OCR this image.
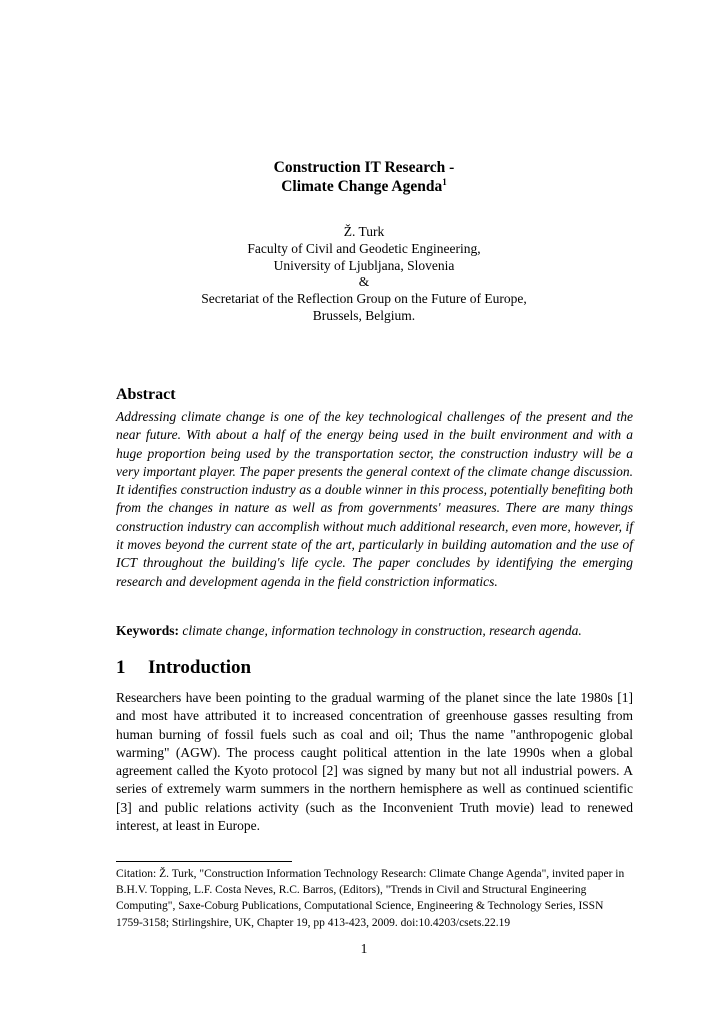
Construction IT Research -
Climate Change Agenda$^1$
Ž. Turk
Faculty of Civil and Geodetic Engineering,
University of Ljubljana, Slovenia
&
Secretariat of the Reflection Group on the Future of Europe,
Brussels, Belgium.
Abstract

Addressing climate change is one of the key technological challenges of the present and the near future. With about a half of the energy being used in the built environment and with a huge proportion being used by the transportation sector, the construction industry will be a very important player. The paper presents the general context of the climate change discussion. It identifies construction industry as a double winner in this process, potentially benefiting both from the changes in nature as well as from governments' measures. There are many things construction industry can accomplish without much additional research, even more, however, if it moves beyond the current state of the art, particularly in building automation and the use of ICT throughout the building's life cycle. The paper concludes by identifying the emerging research and development agenda in the field constriction informatics.

Keywords: climate change, information technology in construction, research agenda.

1 Introduction

Researchers have been pointing to the gradual warming of the planet since the late 1980s [1] and most have attributed it to increased concentration of greenhouse gasses resulting from human burning of fossil fuels such as coal and oil; Thus the name "anthropogenic global warming" (AGW). The process caught political attention in the late 1990s when a global agreement called the Kyoto protocol [2] was signed by many but not all industrial powers. A series of extremely warm summers in the northern hemisphere as well as continued scientific [3] and public relations activity (such as the Inconvenient Truth movie) lead to renewed interest, at least in Europe.

Citation: Ž. Turk, "Construction Information Technology Research: Climate Change Agenda", invited paper in B.H.V. Topping, L.F. Costa Neves, R.C. Barros, (Editors), "Trends in Civil and Structural Engineering Computing", Saxe-Coburg Publications, Computational Science, Engineering & Technology Series, ISSN 1759-3158; Stirlingshire, UK, Chapter 19, pp 413-423, 2009. doi:10.4203/csets.22.19

1
